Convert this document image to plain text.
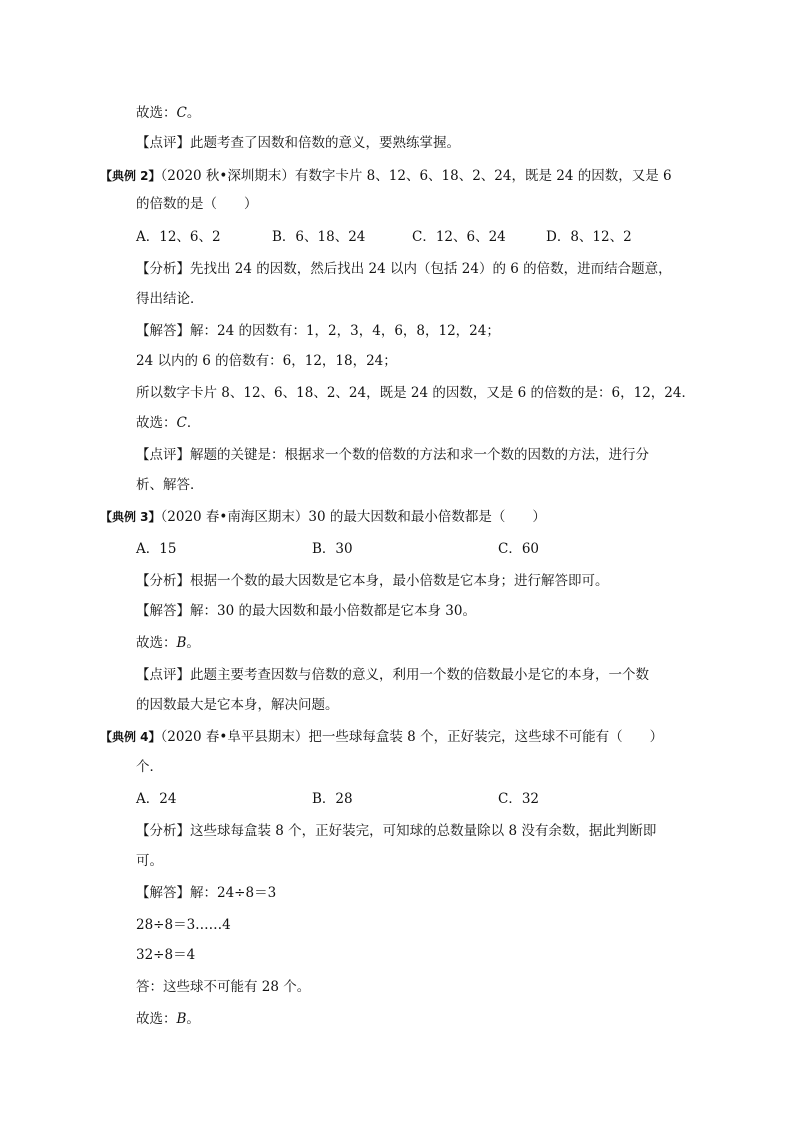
故选：C。
【点评】此题考查了因数和倍数的意义，要熟练掌握。
【典例 2】（2020 秋•深圳期末）有数字卡片 8、12、6、18、2、24，既是 24 的因数，又是 6
的倍数的是（　　）
A．12、6、2	B．6、18、24	C．12、6、24	D．8、12、2
【分析】先找出 24 的因数，然后找出 24 以内（包括 24）的 6 的倍数，进而结合题意，
得出结论．
【解答】解：24 的因数有：1，2，3，4，6，8，12，24；
24 以内的 6 的倍数有：6，12，18，24；
所以数字卡片 8、12、6、18、2、24，既是 24 的因数，又是 6 的倍数的是：6，12，24．
故选：C．
【点评】解题的关键是：根据求一个数的倍数的方法和求一个数的因数的方法，进行分
析、解答．
【典例 3】（2020 春•南海区期末）30 的最大因数和最小倍数都是（　　）
A．15	B．30	C．60
【分析】根据一个数的最大因数是它本身，最小倍数是它本身；进行解答即可。
【解答】解：30 的最大因数和最小倍数都是它本身 30。
故选：B。
【点评】此题主要考查因数与倍数的意义，利用一个数的倍数最小是它的本身，一个数
的因数最大是它本身，解决问题。
【典例 4】（2020 春•阜平县期末）把一些球每盒装 8 个，正好装完，这些球不可能有（　　）
个．
A．24	B．28	C．32
【分析】这些球每盒装 8 个，正好装完，可知球的总数量除以 8 没有余数，据此判断即
可。
【解答】解：24÷8＝3
28÷8＝3……4
32÷8＝4
答：这些球不可能有 28 个。
故选：B。
